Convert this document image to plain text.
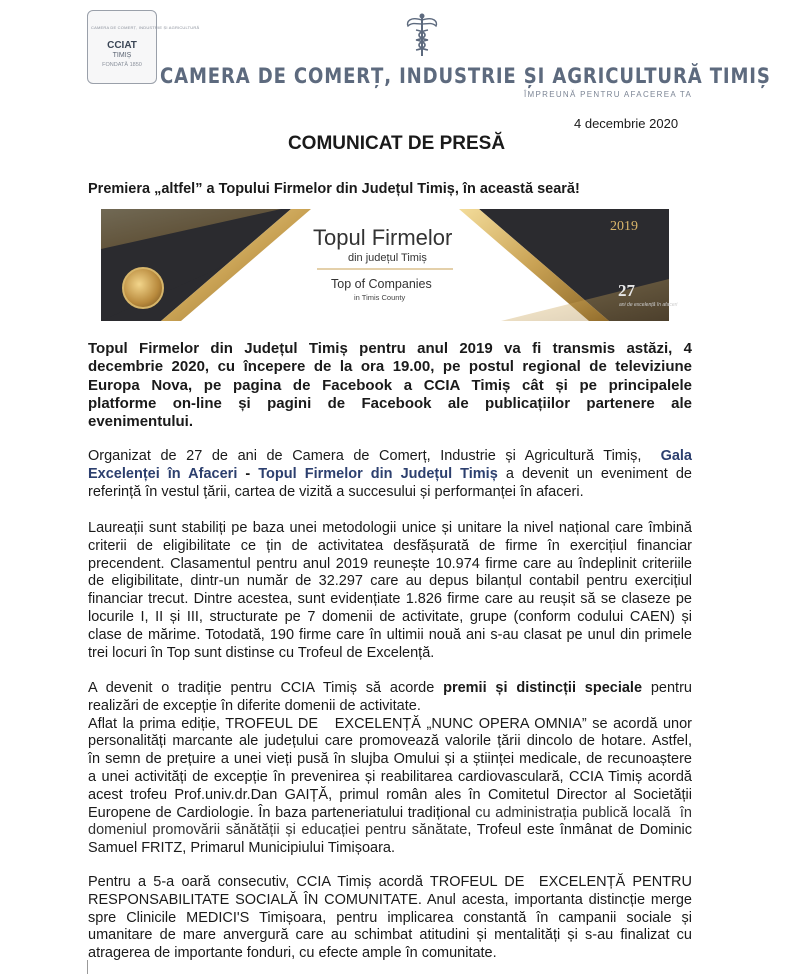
CAMERA DE COMERȚ, INDUSTRIE ȘI AGRICULTURĂ
CCIAT
TIMIȘ
FONDATĂ 1850 CAMERA DE COMERȚ, INDUSTRIE ȘI AGRICULTURĂ TIMIȘ
ÎMPREUNĂ PENTRU AFACEREA TA
4 decembrie 2020
COMUNICAT DE PRESĂ
Premiera „altfel” a Topului Firmelor din Județul Timiș, în această seară!
Topul Firmelor
din județul Timiș
Top of Companies
in Timis County
2019
27
ani de excelență în afaceri
Topul Firmelor din Județul Timiș pentru anul 2019 va fi transmis astăzi, 4
decembrie 2020, cu începere de la ora 19.00, pe postul regional de televiziune
Europa Nova, pe pagina de Facebook a CCIA Timiș cât și pe principalele
platforme on-line și pagini de Facebook ale publicațiilor partenere ale
evenimentului.
Organizat de 27 de ani de Camera de Comerț, Industrie și Agricultură Timiș, Gala
Excelenței în Afaceri - Topul Firmelor din Județul Timiș a devenit un eveniment de
referință în vestul țării, cartea de vizită a succesului și performanței în afaceri.
Laureații sunt stabiliți pe baza unei metodologii unice și unitare la nivel național care îmbină
criterii de eligibilitate ce țin de activitatea desfășurată de firme în exercițiul financiar
precendent. Clasamentul pentru anul 2019 reunește 10.974 firme care au îndeplinit criteriile
de eligibilitate, dintr-un număr de 32.297 care au depus bilanțul contabil pentru exercițiul
financiar trecut. Dintre acestea, sunt evidențiate 1.826 firme care au reușit să se claseze pe
locurile I, II și III, structurate pe 7 domenii de activitate, grupe (conform codului CAEN) și
clase de mărime. Totodată, 190 firme care în ultimii nouă ani s-au clasat pe unul din primele
trei locuri în Top sunt distinse cu Trofeul de Excelență.
A devenit o tradiție pentru CCIA Timiș să acorde premii și distincții speciale pentru
realizări de excepție în diferite domenii de activitate.
Aflat la prima ediție, TROFEUL DE   EXCELENȚĂ „NUNC OPERA OMNIA” se acordă unor
personalități marcante ale județului care promovează valorile țării dincolo de hotare. Astfel,
în semn de prețuire a unei vieți pusă în slujba Omului și a științei medicale, de recunoaștere
a unei activități de excepție în prevenirea și reabilitarea cardiovasculară, CCIA Timiș acordă
acest trofeu Prof.univ.dr.Dan GAIȚĂ, primul român ales în Comitetul Director al Societății
Europene de Cardiologie. În baza parteneriatului tradițional cu administrația publică locală  în
domeniul promovării sănătății și educației pentru sănătate, Trofeul este înmânat de Dominic
Samuel FRITZ, Primarul Municipiului Timișoara.
Pentru a 5-a oară consecutiv, CCIA Timiș acordă TROFEUL DE  EXCELENȚĂ PENTRU
RESPONSABILITATE SOCIALĂ ÎN COMUNITATE. Anul acesta, importanta distincție merge
spre Clinicile MEDICI'S Timișoara, pentru implicarea constantă în campanii sociale și
umanitare de mare anvergură care au schimbat atitudini și mentalități și s-au finalizat cu
atragerea de importante fonduri, cu efecte ample în comunitate.
